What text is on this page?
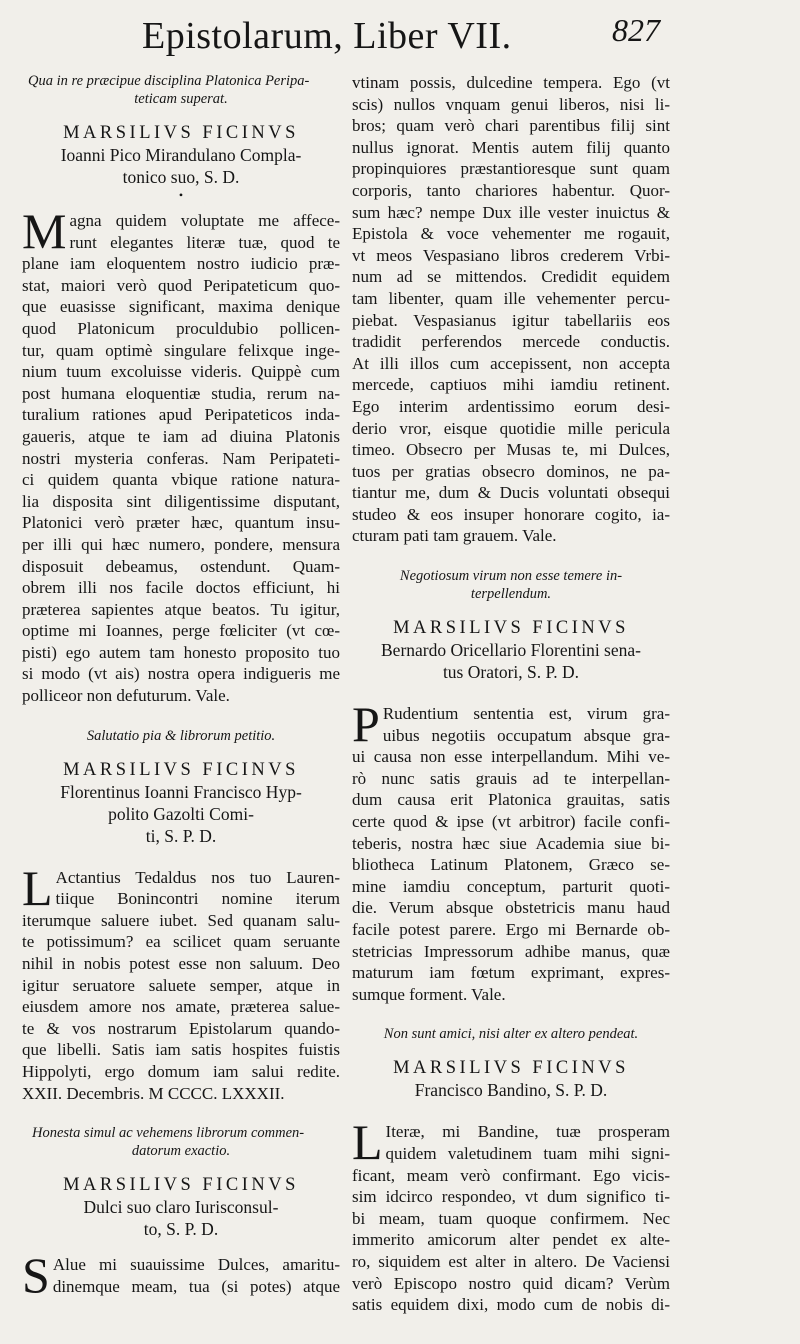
Epistolarum, Liber VII.	827

Qua in re præcipue disciplina Platonica Peripa-

teticam superat.

MARSILIVS FICINVS

Ioanni Pico Mirandulano Compla-

tonico suo, S. D.

•
M agna quidem voluptate me affece-
runt elegantes literæ tuæ, quod te
plane iam eloquentem nostro iudicio præ-
stat, maiori verò quod Peripateticum quo-
que euasisse significant, maxima denique
quod Platonicum proculdubio pollicen-
tur, quam optimè singulare felixque inge-
nium tuum excoluisse videris. Quippè cum
post humana eloquentiæ studia, rerum na-
turalium rationes apud Peripateticos inda-
gaueris, atque te iam ad diuina Platonis
nostri mysteria conferas. Nam Peripateti-
ci quidem quanta vbique ratione natura-
lia disposita sint diligentissime disputant,
Platonici verò præter hæc, quantum insu-
per illi qui hæc numero, pondere, mensura
disposuit debeamus, ostendunt. Quam-
obrem illi nos facile doctos efficiunt, hi
præterea sapientes atque beatos. Tu igitur,
optime mi Ioannes, perge fœliciter (vt cœ-
pisti) ego autem tam honesto proposito tuo
si modo (vt ais) nostra opera indigueris me
polliceor non defuturum. Vale.

Salutatio pia & librorum petitio.

MARSILIVS FICINVS

Florentinus Ioanni Francisco Hyp-

polito Gazolti Comi-

ti, S. P. D.

L Actantius Tedaldus nos tuo Lauren-
tiique Bonincontri nomine iterum
iterumque saluere iubet. Sed quanam salu-
te potissimum? ea scilicet quam seruante
nihil in nobis potest esse non saluum. Deo
igitur seruatore saluete semper, atque in
eiusdem amore nos amate, præterea salue-
te & vos nostrarum Epistolarum quando-
que libelli. Satis iam satis hospites fuistis
Hippolyti, ergo domum iam salui redite.
XXII. Decembris. M CCCC. LXXXII.

Honesta simul ac vehemens librorum commen-

datorum exactio.

MARSILIVS FICINVS

Dulci suo claro Iurisconsul-

to, S. P. D.

S Alue mi suauissime Dulces, amaritu-
dinemque meam, tua (si potes) atque
vtinam possis, dulcedine tempera. Ego (vt
scis) nullos vnquam genui liberos, nisi li-
bros; quam verò chari parentibus filij sint
nullus ignorat. Mentis autem filij quanto
propinquiores præstantioresque sunt quam
corporis, tanto chariores habentur. Quor-
sum hæc? nempe Dux ille vester inuictus &
Epistola & voce vehementer me rogauit,
vt meos Vespasiano libros crederem Vrbi-
num ad se mittendos. Credidit equidem
tam libenter, quam ille vehementer percu-
piebat. Vespasianus igitur tabellariis eos
tradidit perferendos mercede conductis.
At illi illos cum accepissent, non accepta
mercede, captiuos mihi iamdiu retinent.
Ego interim ardentissimo eorum desi-
derio vror, eisque quotidie mille pericula
timeo. Obsecro per Musas te, mi Dulces,
tuos per gratias obsecro dominos, ne pa-
tiantur me, dum & Ducis voluntati obsequi
studeo & eos insuper honorare cogito, ia-
cturam pati tam grauem. Vale.

Negotiosum virum non esse temere in-

terpellendum.

MARSILIVS FICINVS

Bernardo Oricellario Florentini sena-

tus Oratori, S. P. D.

P Rudentium sententia est, virum gra-
uibus negotiis occupatum absque gra-
ui causa non esse interpellandum. Mihi ve-
rò nunc satis grauis ad te interpellan-
dum causa erit Platonica grauitas, satis
certe quod & ipse (vt arbitror) facile confi-
teberis, nostra hæc siue Academia siue bi-
bliotheca Latinum Platonem, Græco se-
mine iamdiu conceptum, parturit quoti-
die. Verum absque obstetricis manu haud
facile potest parere. Ergo mi Bernarde ob-
stetricias Impressorum adhibe manus, quæ
maturum iam fœtum exprimant, expres-
sumque forment. Vale.

Non sunt amici, nisi alter ex altero pendeat.

MARSILIVS FICINVS

Francisco Bandino, S. P. D.

L Iteræ, mi Bandine, tuæ prosperam
quidem valetudinem tuam mihi signi-
ficant, meam verò confirmant. Ego vicis-
sim idcirco respondeo, vt dum significo ti-
bi meam, tuam quoque confirmem. Nec
immerito amicorum alter pendet ex alte-
ro, siquidem est alter in altero. De Vaciensi
verò Episcopo nostro quid dicam? Verùm
satis equidem dixi, modo cum de nobis di-
